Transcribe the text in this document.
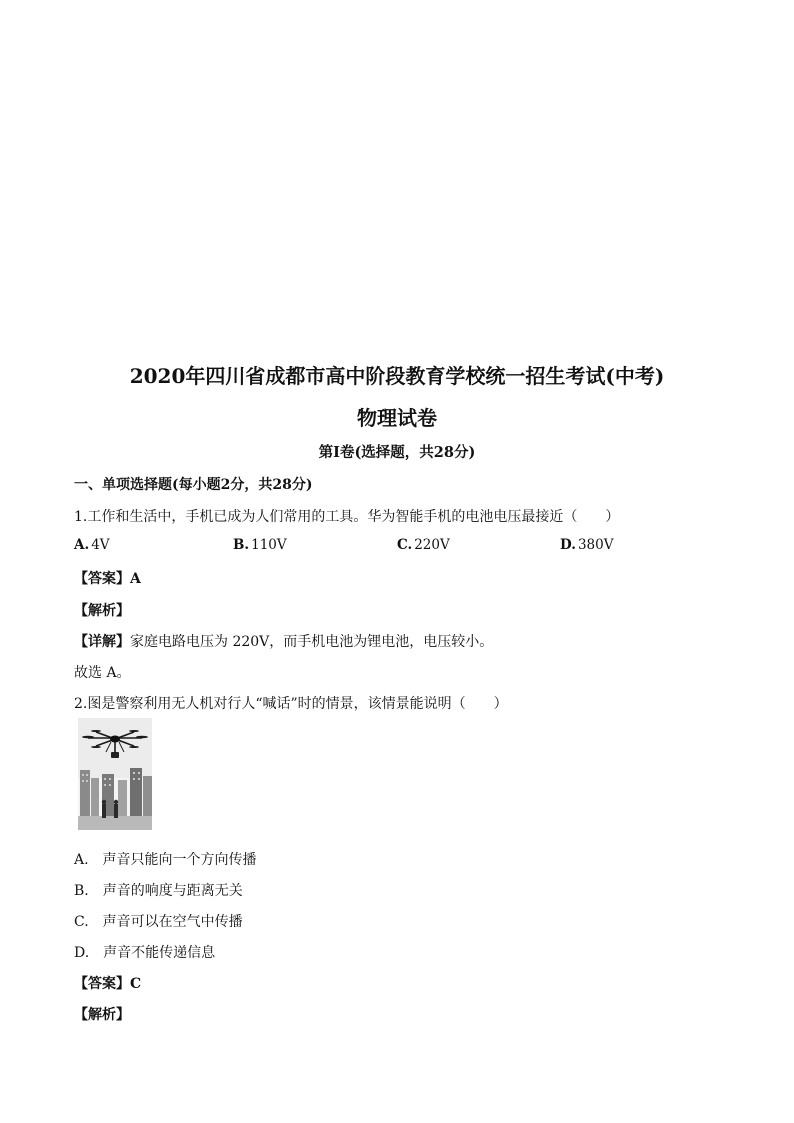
2020年四川省成都市高中阶段教育学校统一招生考试(中考)
物理试卷
第Ⅰ卷(选择题，共28分)
一、单项选择题(每小题2分，共28分)
1.工作和生活中，手机已成为人们常用的工具。华为智能手机的电池电压最接近（　　）
A. 4V	B. 110V	C. 220V	D. 380V
【答案】A
【解析】
【详解】家庭电路电压为 220V，而手机电池为锂电池，电压较小。
故选 A。
2.图是警察利用无人机对行人“喊话”时的情景，该情景能说明（　　）
A.　声音只能向一个方向传播
B.　声音的响度与距离无关
C.　声音可以在空气中传播
D.　声音不能传递信息
【答案】C
【解析】
